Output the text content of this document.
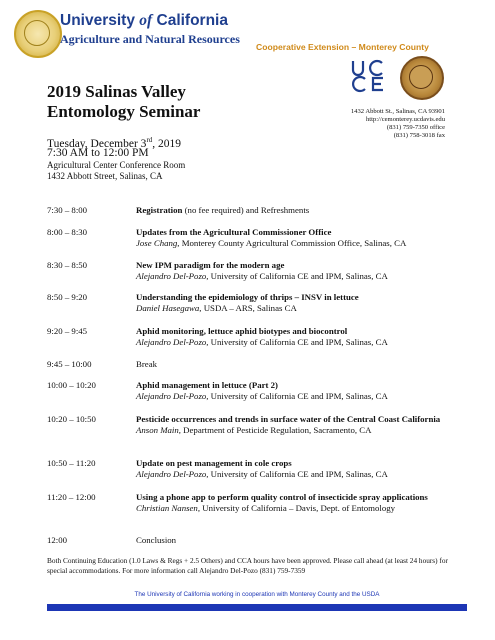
University of California
Agriculture and Natural Resources
Cooperative Extension – Monterey County
2019 Salinas Valley
Entomology Seminar	1432 Abbott St., Salinas, CA 93901
http://cemonterey.ucdavis.edu
(831) 759-7350 office
(831) 758-3018 fax
Tuesday, December 3rd, 2019
7:30 AM to 12:00 PM
Agricultural Center Conference Room
1432 Abbott Street, Salinas, CA
7:30 – 8:00	Registration (no fee required) and Refreshments
8:00 – 8:30	Updates from the Agricultural Commissioner Office
Jose Chang, Monterey County Agricultural Commission Office, Salinas, CA
8:30 – 8:50	New IPM paradigm for the modern age
Alejandro Del-Pozo, University of California CE and IPM, Salinas, CA
8:50 – 9:20	Understanding the epidemiology of thrips – INSV in lettuce
Daniel Hasegawa, USDA – ARS, Salinas CA
9:20 – 9:45	Aphid monitoring, lettuce aphid biotypes and biocontrol
Alejandro Del-Pozo, University of California CE and IPM, Salinas, CA
9:45 – 10:00	Break
10:00 – 10:20	Aphid management in lettuce (Part 2)
Alejandro Del-Pozo, University of California CE and IPM, Salinas, CA
10:20 – 10:50	Pesticide occurrences and trends in surface water of the Central Coast California
Anson Main, Department of Pesticide Regulation, Sacramento, CA
10:50 – 11:20	Update on pest management in cole crops
Alejandro Del-Pozo, University of California CE and IPM, Salinas, CA
11:20 – 12:00	Using a phone app to perform quality control of insecticide spray applications
Christian Nansen, University of California – Davis, Dept. of Entomology
12:00	Conclusion
Both Continuing Education (1.0 Laws & Regs + 2.5 Others) and CCA hours have been approved. Please call ahead (at least 24 hours) for special accommodations. For more information call Alejandro Del-Pozo (831) 759-7359
The University of California working in cooperation with Monterey County and the USDA
